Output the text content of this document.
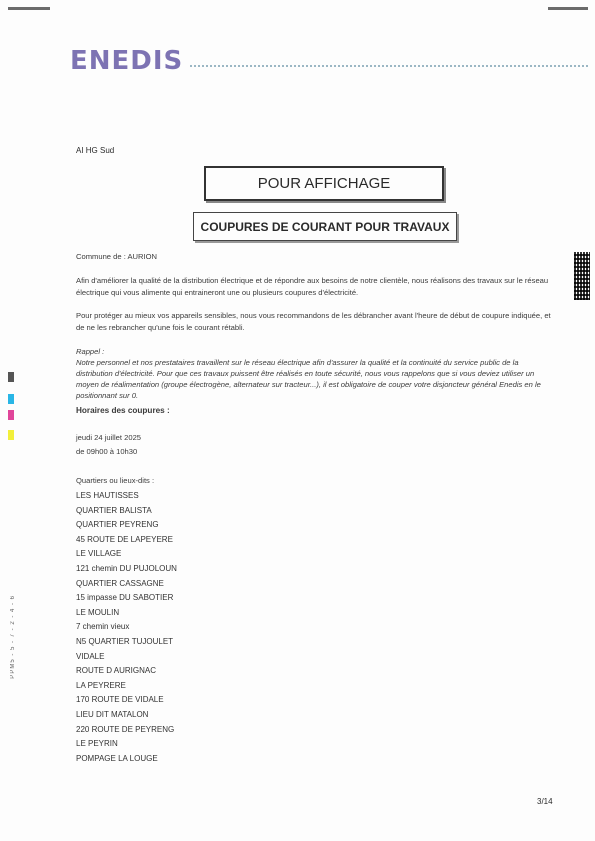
ENEDIS
AI HG Sud
POUR AFFICHAGE
COUPURES DE COURANT POUR TRAVAUX
Commune de : AURION
Afin d'améliorer la qualité de la distribution électrique et de répondre aux besoins de notre clientèle, nous réalisons des travaux sur le réseau électrique qui vous alimente qui entraineront une ou plusieurs coupures d'électricité.
Pour protéger au mieux vos appareils sensibles, nous vous recommandons de les débrancher avant l'heure de début de coupure indiquée, et de ne les rebrancher qu'une fois le courant rétabli.
Rappel :
Notre personnel et nos prestataires travaillent sur le réseau électrique afin d'assurer la qualité et la continuité du service public de la distribution d'électricité. Pour que ces travaux puissent être réalisés en toute sécurité, nous vous rappelons que si vous deviez utiliser un moyen de réalimentation (groupe électrogène, alternateur sur tracteur...), il est obligatoire de couper votre disjoncteur général Enedis en le positionnant sur 0.
Horaires des coupures :
jeudi 24 juillet 2025
de 09h00 à 10h30
Quartiers ou lieux-dits :
LES HAUTISSES
QUARTIER BALISTA
QUARTIER PEYRENG
45 ROUTE DE LAPEYERE
LE VILLAGE
121 chemin DU PUJOLOUN
QUARTIER CASSAGNE
15 impasse DU SABOTIER
LE MOULIN
7 chemin vieux
N5 QUARTIER TUJOULET
VIDALE
ROUTE D AURIGNAC
LA PEYRERE
170 ROUTE DE VIDALE
LIEU DIT MATALON
220 ROUTE DE PEYRENG
LE PEYRIN
POMPAGE LA LOUGE
PPM5 - 5 - 7 - 2 - 4 - 6
3/14
